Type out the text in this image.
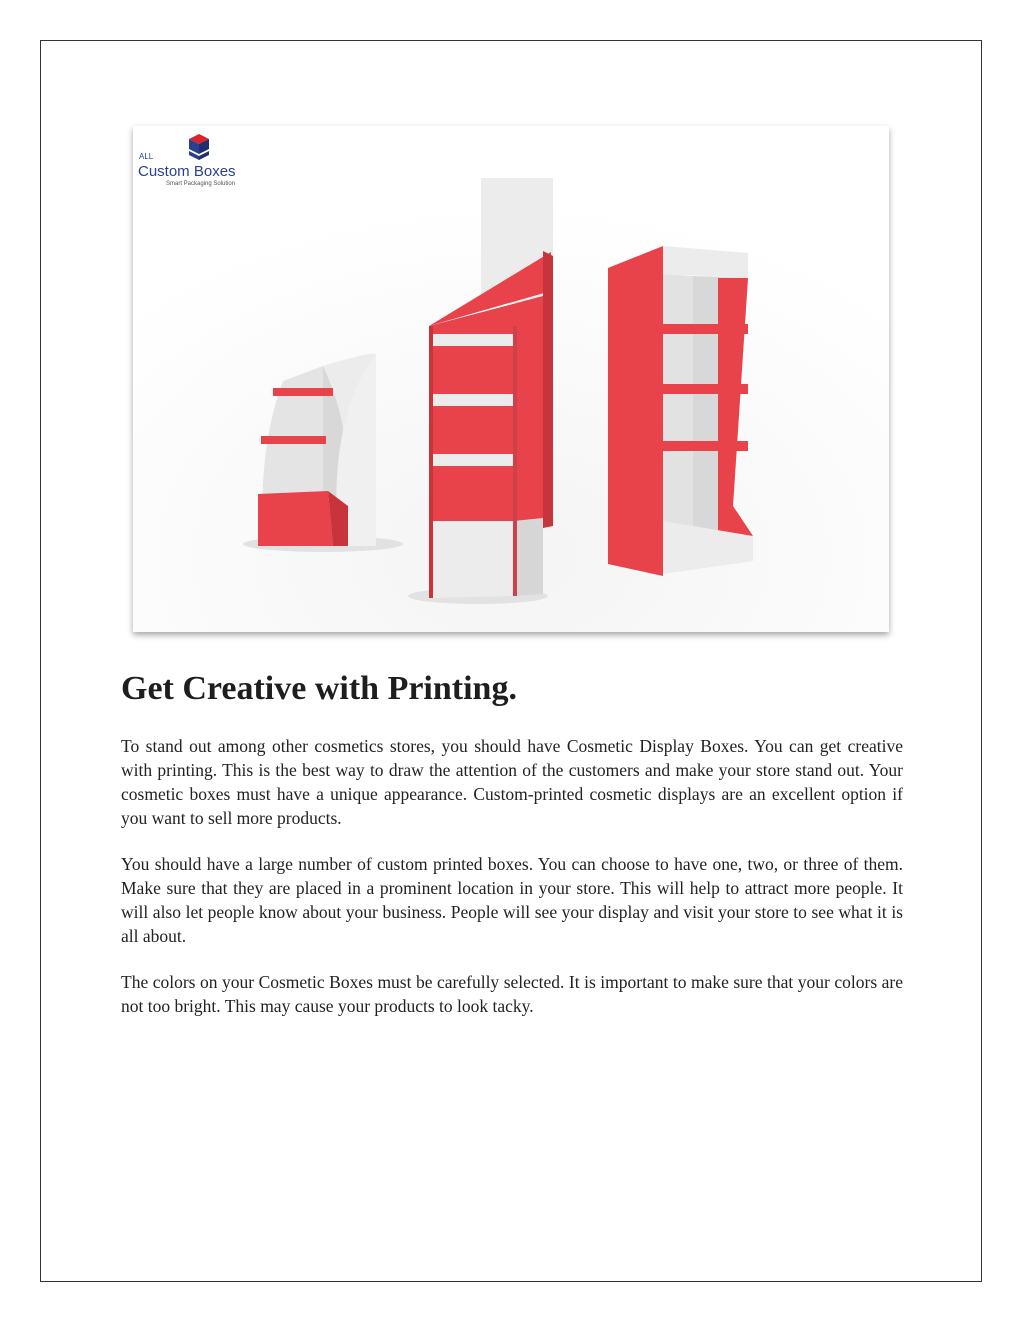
ALL
Custom Boxes
Smart Packaging Solution
Get Creative with Printing.

To stand out among other cosmetics stores, you should have Cosmetic Display Boxes. You can get creative with printing. This is the best way to draw the attention of the customers and make your store stand out. Your cosmetic boxes must have a unique appearance. Custom-printed cosmetic displays are an excellent option if you want to sell more products.

You should have a large number of custom printed boxes. You can choose to have one, two, or three of them. Make sure that they are placed in a prominent location in your store. This will help to attract more people. It will also let people know about your business. People will see your display and visit your store to see what it is all about.

The colors on your Cosmetic Boxes must be carefully selected. It is important to make sure that your colors are not too bright. This may cause your products to look tacky.
